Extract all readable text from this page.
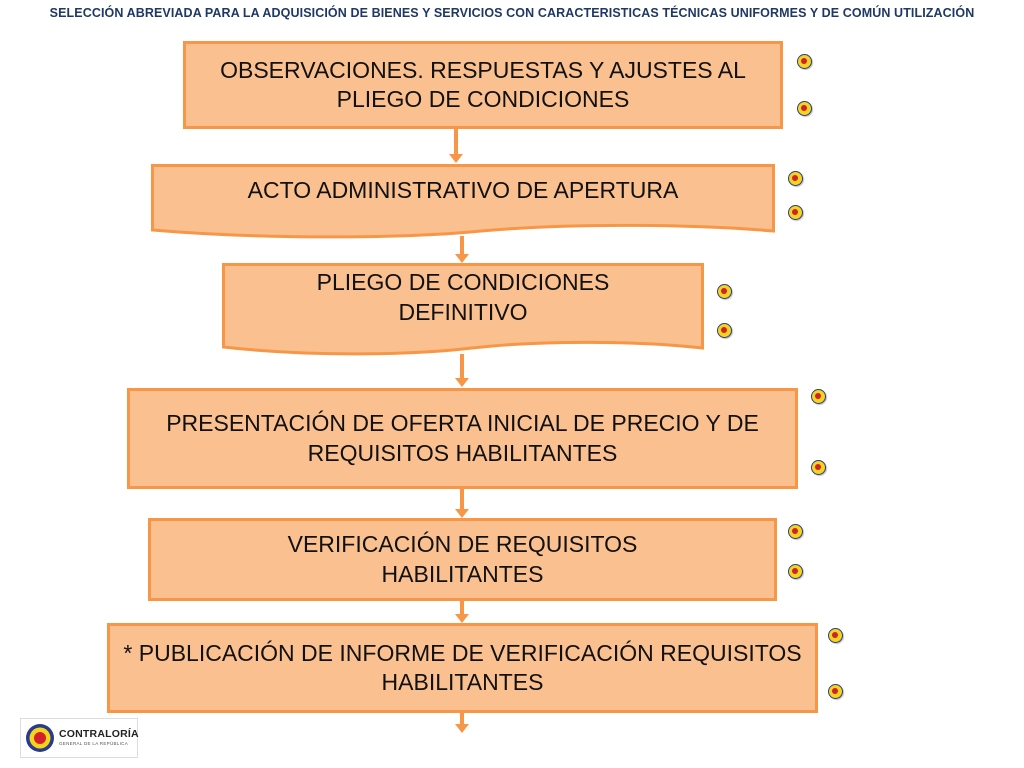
SELECCIÓN ABREVIADA PARA LA ADQUISICIÓN DE BIENES Y SERVICIOS CON CARACTERISTICAS TÉCNICAS UNIFORMES Y DE COMÚN UTILIZACIÓN
OBSERVACIONES. RESPUESTAS Y AJUSTES AL PLIEGO DE CONDICIONES
ACTO ADMINISTRATIVO DE APERTURA
PLIEGO DE CONDICIONES DEFINITIVO
PRESENTACIÓN DE OFERTA INICIAL DE PRECIO Y DE REQUISITOS HABILITANTES
VERIFICACIÓN DE REQUISITOS HABILITANTES
* PUBLICACIÓN DE INFORME DE VERIFICACIÓN REQUISITOS HABILITANTES
CONTRALORÍA
GENERAL DE LA REPÚBLICA
